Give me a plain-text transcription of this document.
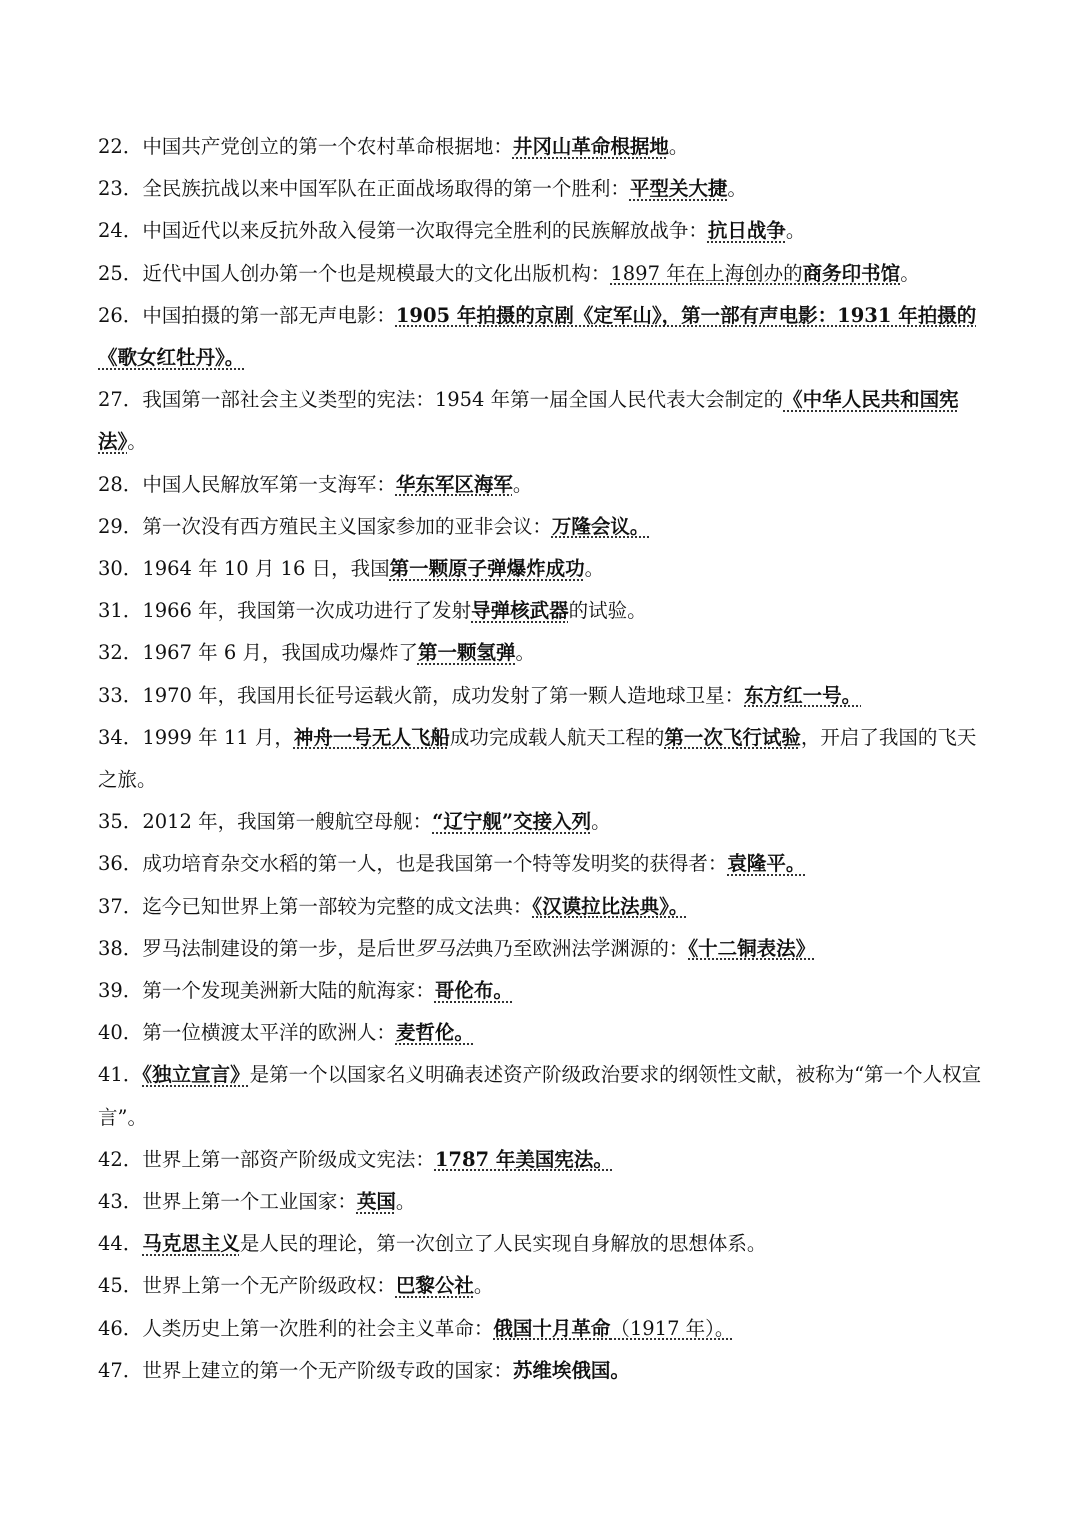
22．中国共产党创立的第一个农村革命根据地：井冈山革命根据地。

23．全民族抗战以来中国军队在正面战场取得的第一个胜利：平型关大捷。

24．中国近代以来反抗外敌入侵第一次取得完全胜利的民族解放战争：抗日战争。

25．近代中国人创办第一个也是规模最大的文化出版机构：1897 年在上海创办的商务印书馆。

26．中国拍摄的第一部无声电影：1905 年拍摄的京剧《定军山》，第一部有声电影：1931 年拍摄的《歌女红牡丹》。

27．我国第一部社会主义类型的宪法：1954 年第一届全国人民代表大会制定的《中华人民共和国宪法》。

28．中国人民解放军第一支海军：华东军区海军。

29．第一次没有西方殖民主义国家参加的亚非会议：万隆会议。

30．1964 年 10 月 16 日，我国第一颗原子弹爆炸成功。

31．1966 年，我国第一次成功进行了发射导弹核武器的试验。

32．1967 年 6 月，我国成功爆炸了第一颗氢弹。

33．1970 年，我国用长征号运载火箭，成功发射了第一颗人造地球卫星：东方红一号。

34．1999 年 11 月，神舟一号无人飞船成功完成载人航天工程的第一次飞行试验，开启了我国的飞天之旅。

35．2012 年，我国第一艘航空母舰：“辽宁舰”交接入列。

36．成功培育杂交水稻的第一人，也是我国第一个特等发明奖的获得者：袁隆平。

37．迄今已知世界上第一部较为完整的成文法典：《汉谟拉比法典》。

38．罗马法制建设的第一步，是后世罗马法典乃至欧洲法学渊源的：《十二铜表法》

39．第一个发现美洲新大陆的航海家：哥伦布。

40．第一位横渡太平洋的欧洲人：麦哲伦。

41．《独立宣言》是第一个以国家名义明确表述资产阶级政治要求的纲领性文献，被称为“第一个人权宣言”。

42．世界上第一部资产阶级成文宪法：1787 年美国宪法。

43．世界上第一个工业国家：英国。

44．马克思主义是人民的理论，第一次创立了人民实现自身解放的思想体系。

45．世界上第一个无产阶级政权：巴黎公社。

46．人类历史上第一次胜利的社会主义革命：俄国十月革命（1917 年）。

47．世界上建立的第一个无产阶级专政的国家：苏维埃俄国。
